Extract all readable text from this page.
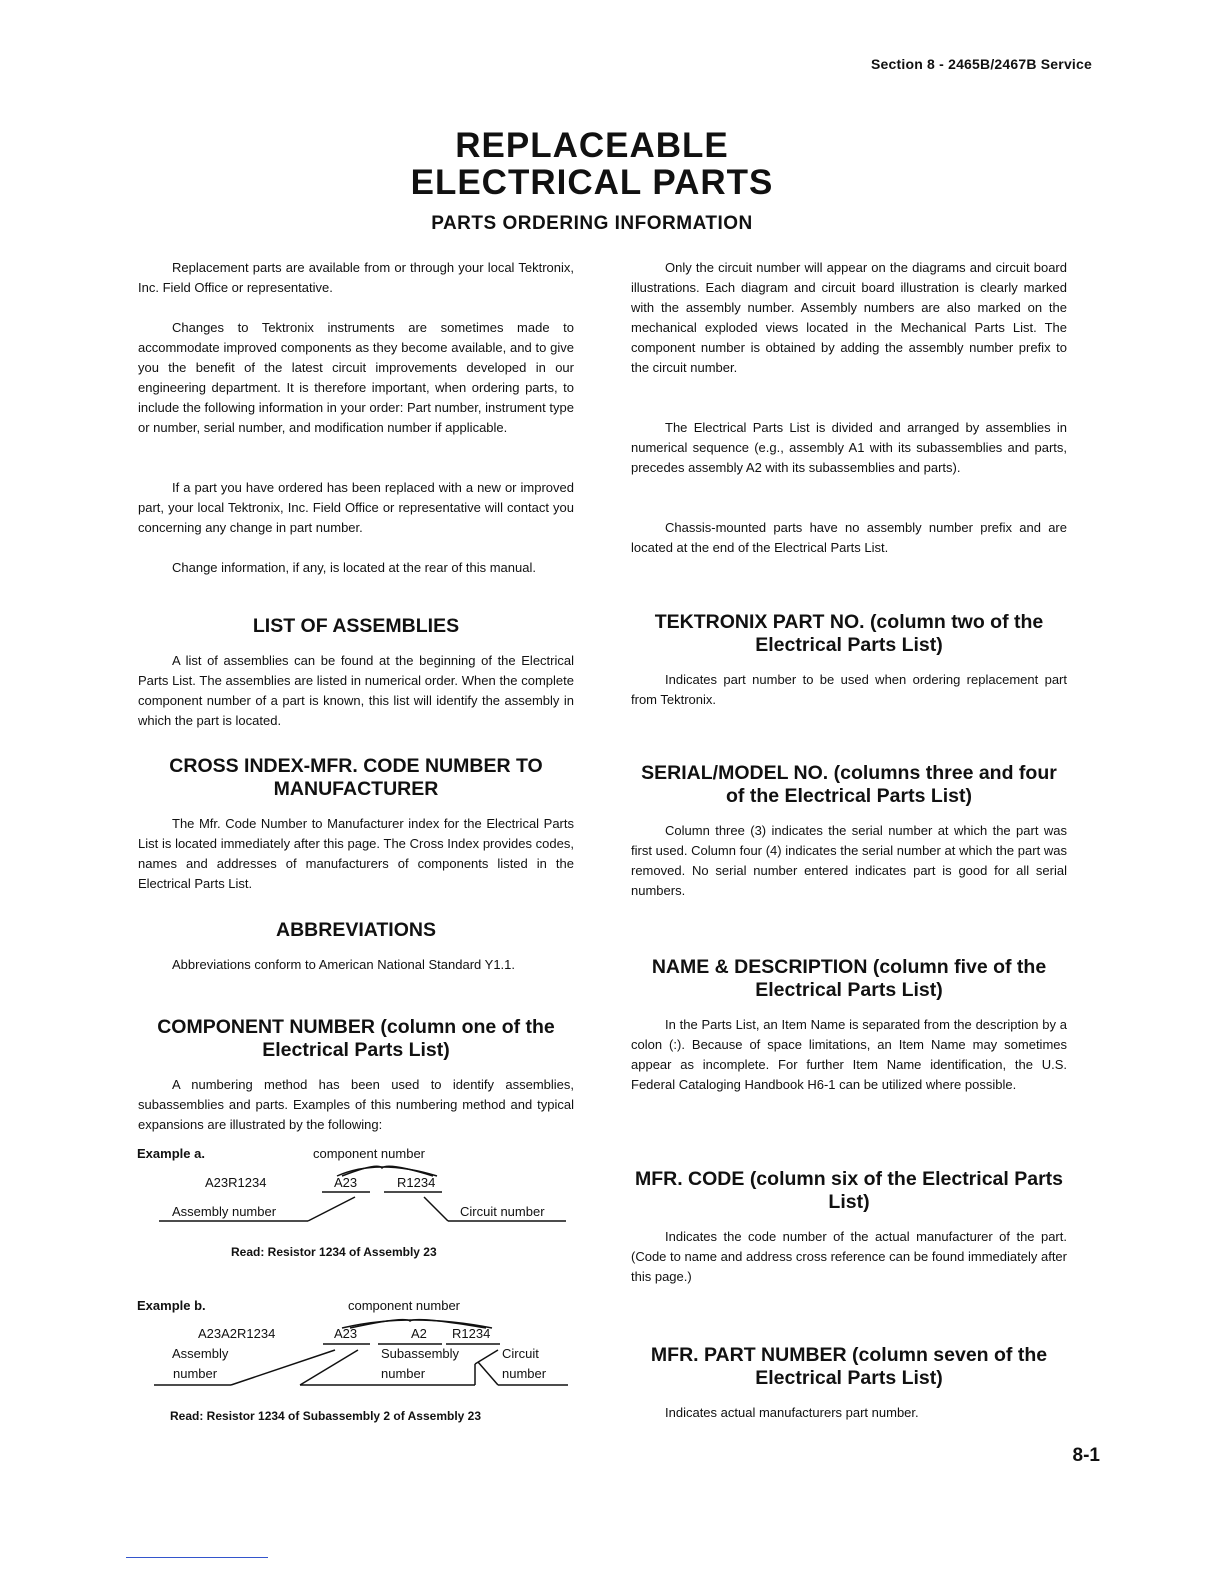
Section 8 - 2465B/2467B Service
REPLACEABLE
ELECTRICAL PARTS
PARTS ORDERING INFORMATION

Replacement parts are available from or through your local Tektronix, Inc. Field Office or representative.

Changes to Tektronix instruments are sometimes made to accommodate improved components as they become available, and to give you the benefit of the latest circuit improvements developed in our engineering department. It is therefore important, when ordering parts, to include the following information in your order: Part number, instrument type or number, serial number, and modification number if applicable.

If a part you have ordered has been replaced with a new or improved part, your local Tektronix, Inc. Field Office or representative will contact you concerning any change in part number.

Change information, if any, is located at the rear of this manual.

LIST OF ASSEMBLIES

A list of assemblies can be found at the beginning of the Electrical Parts List. The assemblies are listed in numerical order. When the complete component number of a part is known, this list will identify the assembly in which the part is located.

CROSS INDEX-MFR. CODE NUMBER TO MANUFACTURER

The Mfr. Code Number to Manufacturer index for the Electrical Parts List is located immediately after this page. The Cross Index provides codes, names and addresses of manufacturers of components listed in the Electrical Parts List.

ABBREVIATIONS

Abbreviations conform to American National Standard Y1.1.

COMPONENT NUMBER (column one of the Electrical Parts List)

A numbering method has been used to identify assemblies, subassemblies and parts. Examples of this numbering method and typical expansions are illustrated by the following:

Example a.	component number
A23R1234	A23	R1234
Assembly number	Circuit number
Read: Resistor 1234 of Assembly 23
Example b.	component number
A23A2R1234	A23	A2 R1234
Assembly
number
Subassembly
number
Circuit
number
Read: Resistor 1234 of Subassembly 2 of Assembly 23

Only the circuit number will appear on the diagrams and circuit board illustrations. Each diagram and circuit board illustration is clearly marked with the assembly number. Assembly numbers are also marked on the mechanical exploded views located in the Mechanical Parts List. The component number is obtained by adding the assembly number prefix to the circuit number.

The Electrical Parts List is divided and arranged by assemblies in numerical sequence (e.g., assembly A1 with its subassemblies and parts, precedes assembly A2 with its subassemblies and parts).

Chassis-mounted parts have no assembly number prefix and are located at the end of the Electrical Parts List.

TEKTRONIX PART NO. (column two of the Electrical Parts List)

Indicates part number to be used when ordering replacement part from Tektronix.

SERIAL/MODEL NO. (columns three and four of the Electrical Parts List)

Column three (3) indicates the serial number at which the part was first used. Column four (4) indicates the serial number at which the part was removed. No serial number entered indicates part is good for all serial numbers.

NAME & DESCRIPTION (column five of the Electrical Parts List)

In the Parts List, an Item Name is separated from the description by a colon (:). Because of space limitations, an Item Name may sometimes appear as incomplete. For further Item Name identification, the U.S. Federal Cataloging Handbook H6-1 can be utilized where possible.

MFR. CODE (column six of the Electrical Parts List)

Indicates the code number of the actual manufacturer of the part. (Code to name and address cross reference can be found immediately after this page.)

MFR. PART NUMBER (column seven of the Electrical Parts List)

Indicates actual manufacturers part number.

8-1
